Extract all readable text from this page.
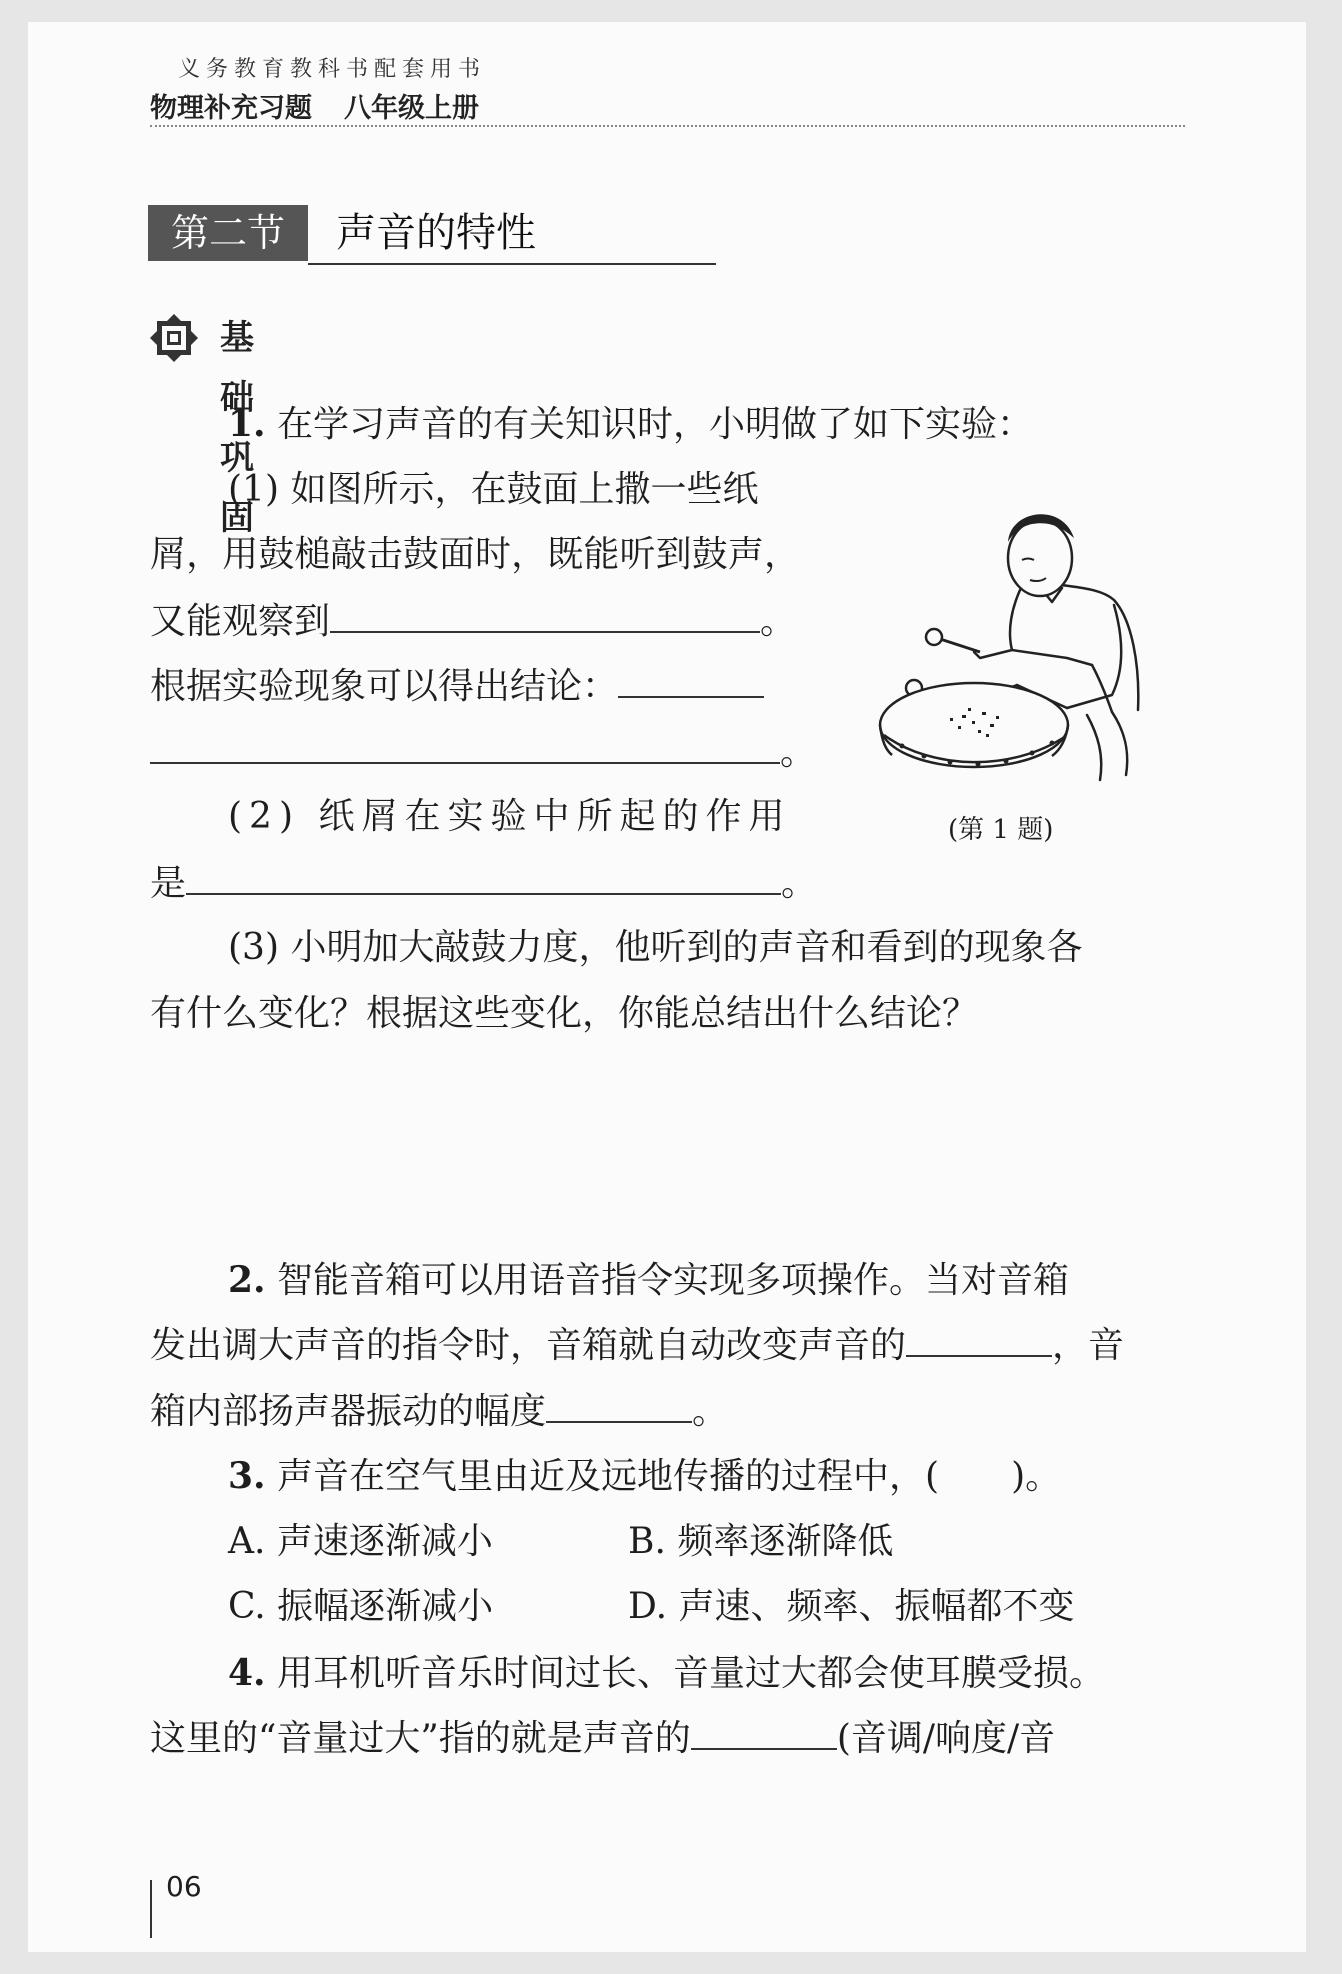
义务教育教科书配套用书
物理补充习题 八年级上册
第二节	声音的特性
基础巩固
1. 在学习声音的有关知识时，小明做了如下实验：
(1) 如图所示，在鼓面上撒一些纸
屑，用鼓槌敲击鼓面时，既能听到鼓声，
又能观察到	。
根据实验现象可以得出结论：
。
(2) 纸屑在实验中所起的作用
是	。
(3) 小明加大敲鼓力度，他听到的声音和看到的现象各
有什么变化？根据这些变化，你能总结出什么结论？
(第 1 题)
2. 智能音箱可以用语音指令实现多项操作。当对音箱
发出调大声音的指令时，音箱就自动改变声音的	，音
箱内部扬声器振动的幅度	。
3. 声音在空气里由近及远地传播的过程中，(　　)。
A. 声速逐渐减小	B. 频率逐渐降低
C. 振幅逐渐减小	D. 声速、频率、振幅都不变
4. 用耳机听音乐时间过长、音量过大都会使耳膜受损。
这里的“音量过大”指的就是声音的	(音调/响度/音
06
